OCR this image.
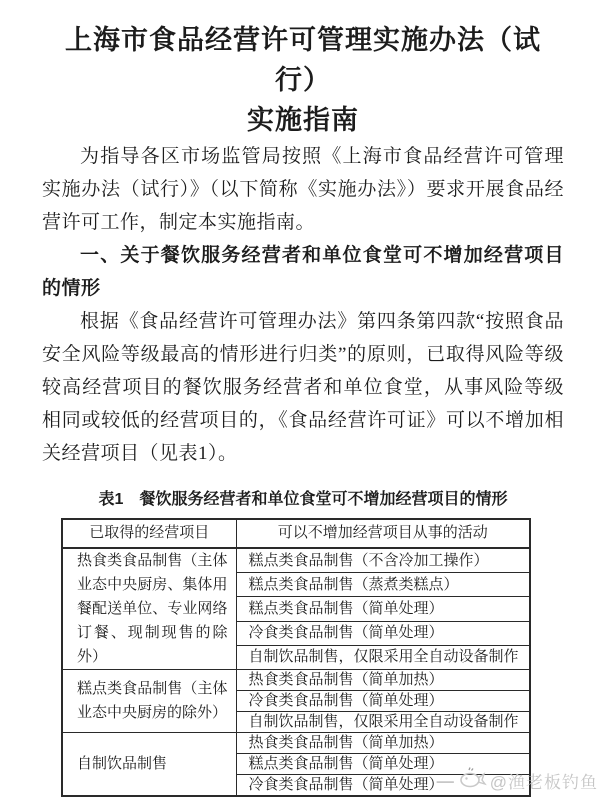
上海市食品经营许可管理实施办法（试行）
实施指南

为指导各区市场监管局按照《上海市食品经营许可管理实施办法（试行）》（以下简称《实施办法》）要求开展食品经营许可工作，制定本实施指南。

一、关于餐饮服务经营者和单位食堂可不增加经营项目的情形

根据《食品经营许可管理办法》第四条第四款“按照食品安全风险等级最高的情形进行归类”的原则，已取得风险等级较高经营项目的餐饮服务经营者和单位食堂，从事风险等级相同或较低的经营项目的，《食品经营许可证》可以不增加相关经营项目（见表1）。

表1　餐饮服务经营者和单位食堂可不增加经营项目的情形
已取得的经营项目	可以不增加经营项目从事的活动
热食类食品制售（主体业态中央厨房、集体用餐配送单位、专业网络订餐、现制现售的除外）	糕点类食品制售（不含冷加工操作）
	糕点类食品制售（蒸煮类糕点）
	糕点类食品制售（简单处理）
	冷食类食品制售（简单处理）
	自制饮品制售，仅限采用全自动设备制作
糕点类食品制售（主体业态中央厨房的除外）	热食类食品制售（简单加热）
	冷食类食品制售（简单处理）
	自制饮品制售，仅限采用全自动设备制作
自制饮品制售	热食类食品制售（简单加热）
	糕点类食品制售（简单处理）
	冷食类食品制售（简单处理）
— @渔老板钓鱼
